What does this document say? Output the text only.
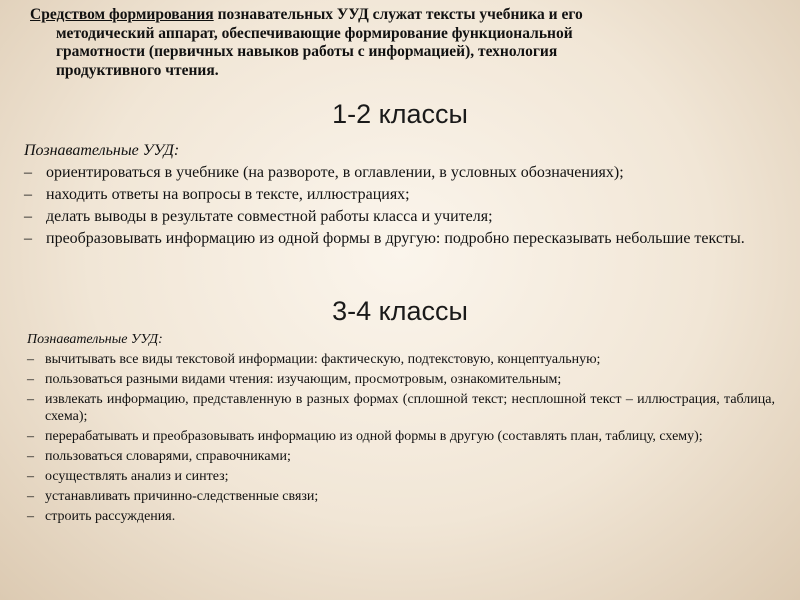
Средством формирования познавательных УУД служат тексты учебника и его
методический аппарат, обеспечивающие формирование функциональной
грамотности (первичных навыков работы с информацией), технология
продуктивного чтения.

1-2 классы

Познавательные УУД:

– ориентироваться в учебнике (на развороте, в оглавлении, в условных обозначениях);
– находить ответы на вопросы в тексте, иллюстрациях;
– делать выводы в результате совместной работы класса и учителя;
– преобразовывать информацию из одной формы в другую: подробно пересказывать небольшие тексты.
3-4 классы

Познавательные УУД:

– вычитывать все виды текстовой информации: фактическую, подтекстовую, концептуальную;
– пользоваться разными видами чтения: изучающим, просмотровым, ознакомительным;
– извлекать информацию, представленную в разных формах (сплошной текст; несплошной текст – иллюстрация, таблица, схема);
– перерабатывать и преобразовывать информацию из одной формы в другую (составлять план, таблицу, схему);
– пользоваться словарями, справочниками;
– осуществлять анализ и синтез;
– устанавливать причинно-следственные связи;
– строить рассуждения.
